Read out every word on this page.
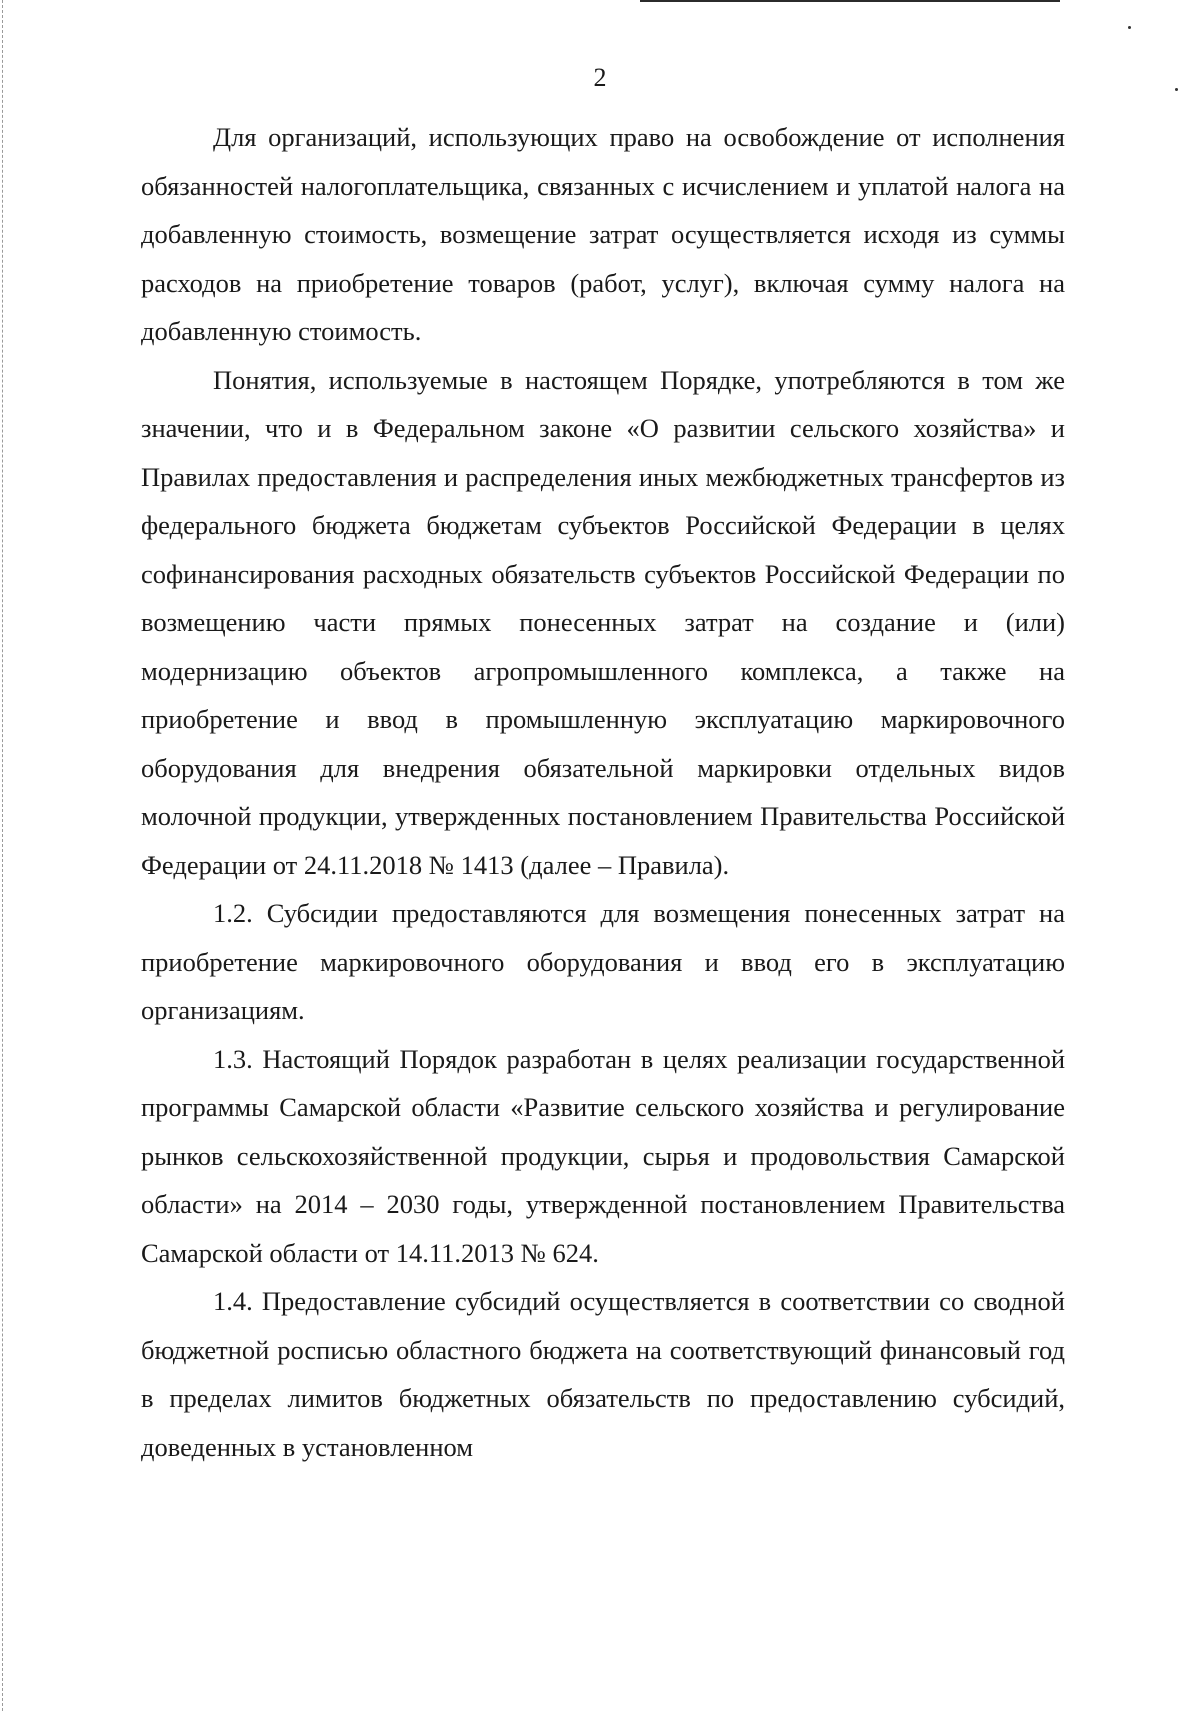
2

Для организаций, использующих право на освобождение от исполнения обязанностей налогоплательщика, связанных с исчислением и уплатой налога на добавленную стоимость, возмещение затрат осуществляется исходя из суммы расходов на приобретение товаров (работ, услуг), включая сумму налога на добавленную стоимость.

Понятия, используемые в настоящем Порядке, употребляются в том же значении, что и в Федеральном законе «О развитии сельского хозяйства» и Правилах предоставления и распределения иных межбюджетных трансфертов из федерального бюджета бюджетам субъектов Российской Федерации в целях софинансирования расходных обязательств субъектов Российской Федерации по возмещению части прямых понесенных затрат на создание и (или) модернизацию объектов агропромышленного комплекса, а также на приобретение и ввод в промышленную эксплуатацию маркировочного оборудования для внедрения обязательной маркировки отдельных видов молочной продукции, утвержденных постановлением Правительства Российской Федерации от 24.11.2018 № 1413 (далее – Правила).

1.2. Субсидии предоставляются для возмещения понесенных затрат на приобретение маркировочного оборудования и ввод его в эксплуатацию организациям.

1.3. Настоящий Порядок разработан в целях реализации государственной программы Самарской области «Развитие сельского хозяйства и регулирование рынков сельскохозяйственной продукции, сырья и продовольствия Самарской области» на 2014 – 2030 годы, утвержденной постановлением Правительства Самарской области от 14.11.2013 № 624.

1.4. Предоставление субсидий осуществляется в соответствии со сводной бюджетной росписью областного бюджета на соответствующий финансовый год в пределах лимитов бюджетных обязательств по предоставлению субсидий, доведенных в установленном
